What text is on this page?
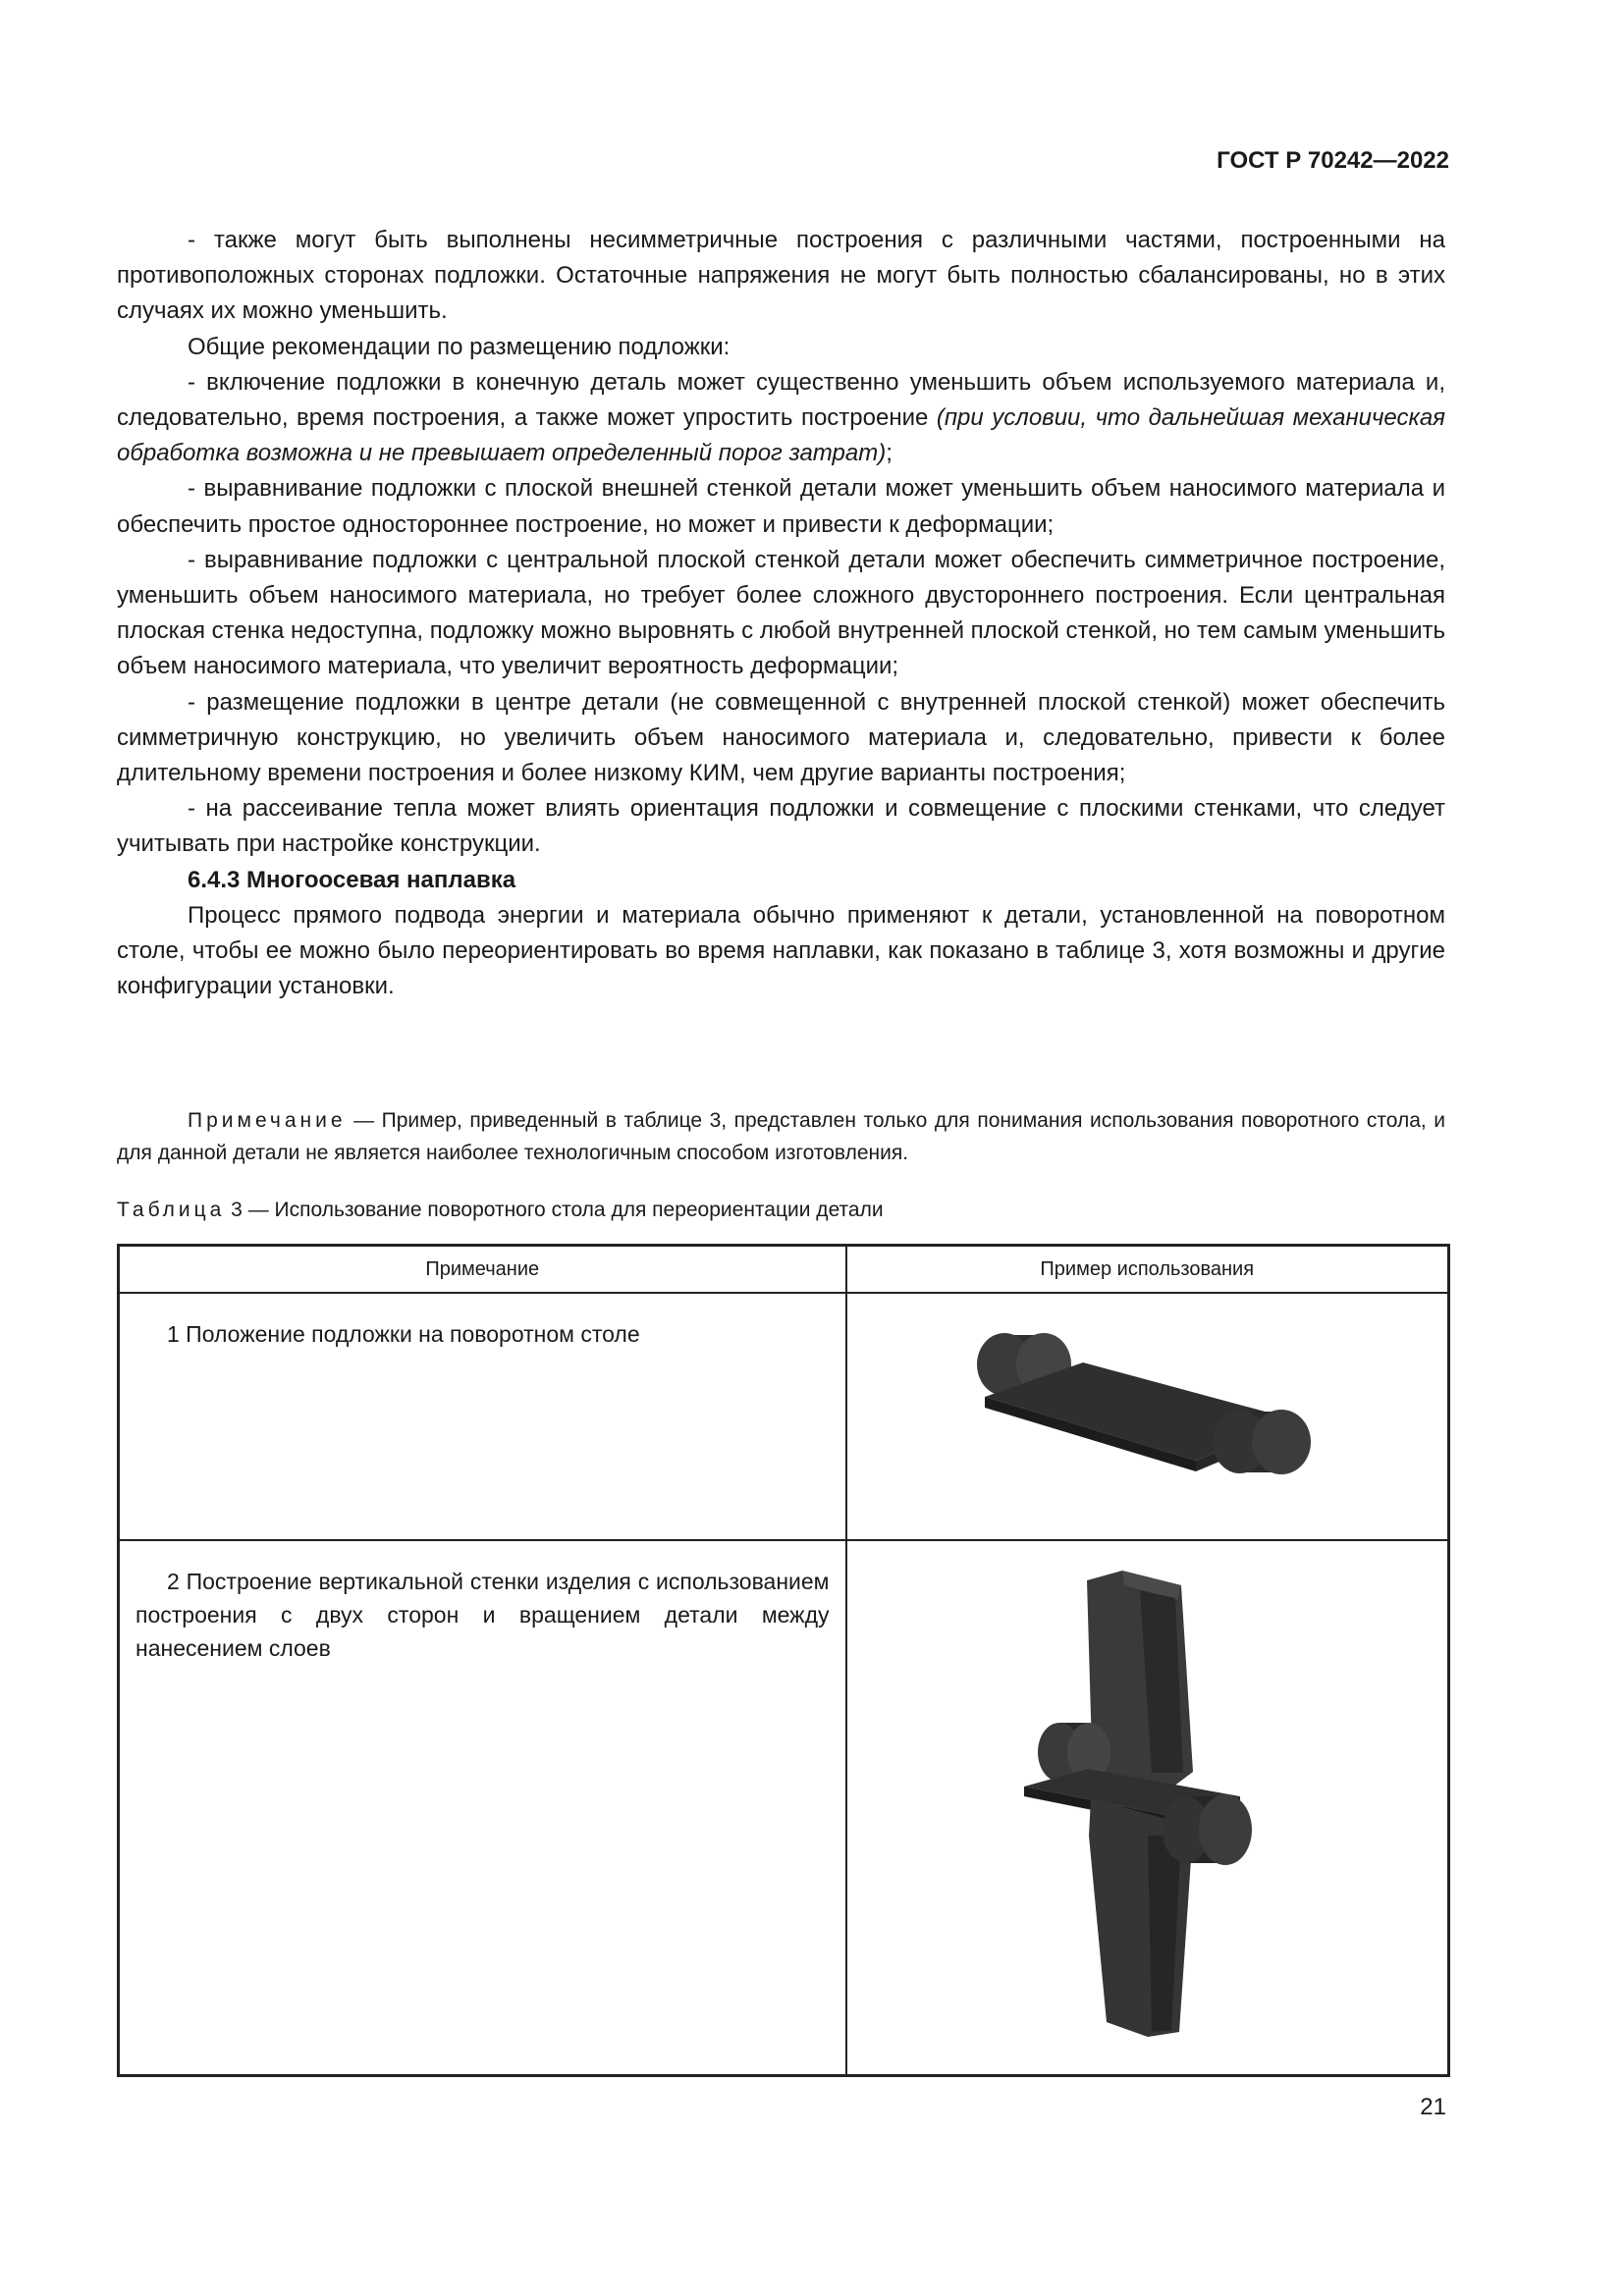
ГОСТ Р 70242—2022

- также могут быть выполнены несимметричные построения с различными частями, построенными на противоположных сторонах подложки. Остаточные напряжения не могут быть полностью сбалансированы, но в этих случаях их можно уменьшить.

Общие рекомендации по размещению подложки:

- включение подложки в конечную деталь может существенно уменьшить объем используемого материала и, следовательно, время построения, а также может упростить построение (при условии, что дальнейшая механическая обработка возможна и не превышает определенный порог затрат);

- выравнивание подложки с плоской внешней стенкой детали может уменьшить объем наносимого материала и обеспечить простое одностороннее построение, но может и привести к деформации;

- выравнивание подложки с центральной плоской стенкой детали может обеспечить симметричное построение, уменьшить объем наносимого материала, но требует более сложного двустороннего построения. Если центральная плоская стенка недоступна, подложку можно выровнять с любой внутренней плоской стенкой, но тем самым уменьшить объем наносимого материала, что увеличит вероятность деформации;

- размещение подложки в центре детали (не совмещенной с внутренней плоской стенкой) может обеспечить симметричную конструкцию, но увеличить объем наносимого материала и, следовательно, привести к более длительному времени построения и более низкому КИМ, чем другие варианты построения;

- на рассеивание тепла может влиять ориентация подложки и совмещение с плоскими стенками, что следует учитывать при настройке конструкции.

6.4.3 Многоосевая наплавка

Процесс прямого подвода энергии и материала обычно применяют к детали, установленной на поворотном столе, чтобы ее можно было переориентировать во время наплавки, как показано в таблице 3, хотя возможны и другие конфигурации установки.

Примечание — Пример, приведенный в таблице 3, представлен только для понимания использования поворотного стола, и для данной детали не является наиболее технологичным способом изготовления.
Таблица 3 — Использование поворотного стола для переориентации детали
Примечание	Пример использования

1 Положение подложки на поворотном столе

2 Построение вертикальной стенки изделия с использованием построения с двух сторон и вращением детали между нанесением слоев

21
